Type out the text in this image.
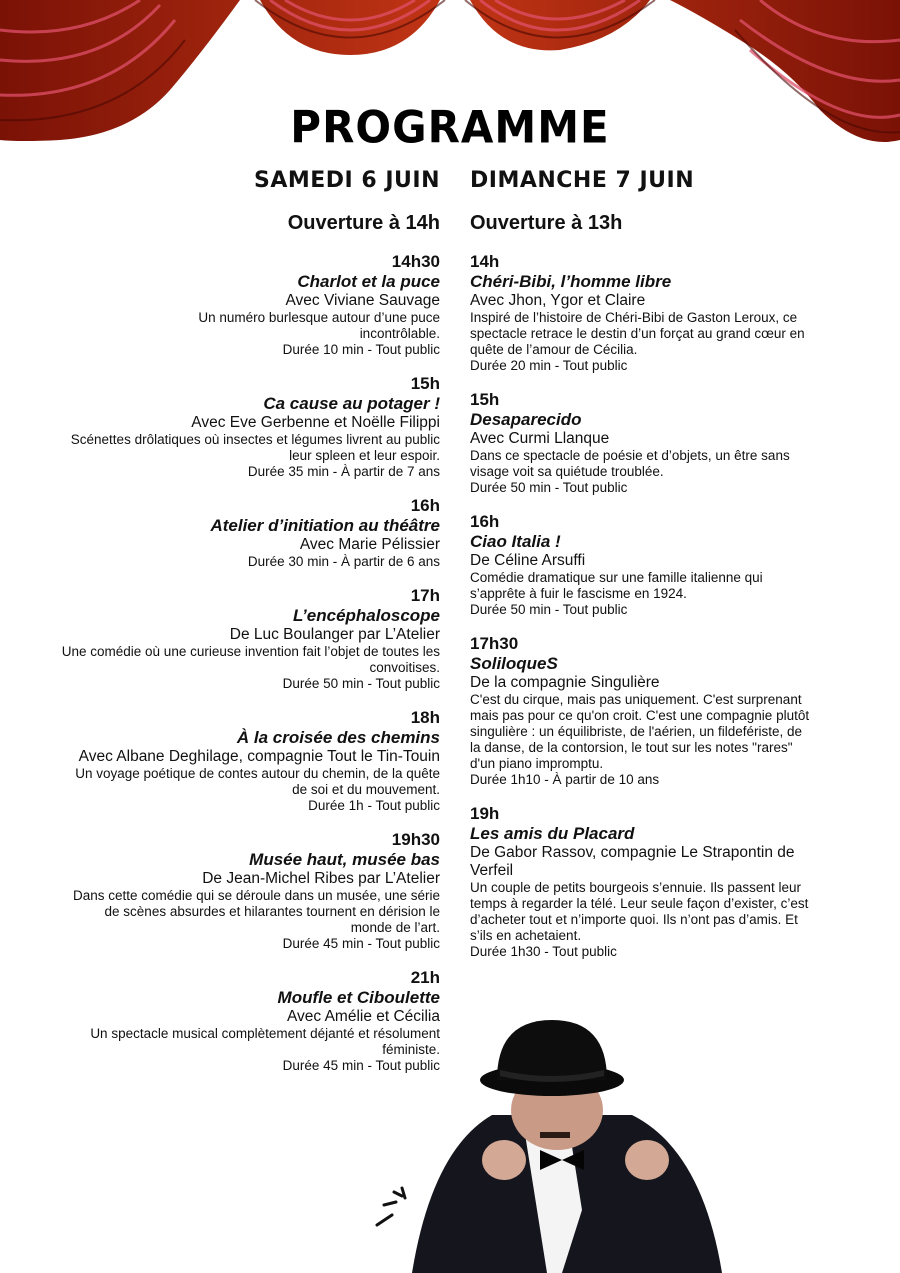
PROGRAMME
SAMEDI 6 JUIN
Ouverture à 14h
14h30
Charlot et la puce
Avec Viviane Sauvage
Un numéro burlesque autour d’une puce incontrôlable.
Durée 10 min - Tout public
15h
Ca cause au potager !
Avec Eve Gerbenne et Noëlle Filippi
Scénettes drôlatiques où insectes et légumes livrent au public leur spleen et leur espoir.
Durée 35 min - À partir de 7 ans
16h
Atelier d’initiation au théâtre
Avec Marie Pélissier
Durée 30 min - À partir de 6 ans
17h
L’encéphaloscope
De Luc Boulanger par L’Atelier
Une comédie où une curieuse invention fait l’objet de toutes les convoitises.
Durée 50 min - Tout public
18h
À la croisée des chemins
Avec Albane Deghilage, compagnie Tout le Tin-Touin
Un voyage poétique de contes autour du chemin, de la quête de soi et du mouvement.
Durée 1h - Tout public
19h30
Musée haut, musée bas
De Jean-Michel Ribes par L’Atelier
Dans cette comédie qui se déroule dans un musée, une série de scènes absurdes et hilarantes tournent en dérision le monde de l’art.
Durée 45 min - Tout public
21h
Moufle et Ciboulette
Avec Amélie et Cécilia
Un spectacle musical complètement déjanté et résolument féministe.
Durée 45 min - Tout public
DIMANCHE 7 JUIN
Ouverture à 13h
14h
Chéri-Bibi, l’homme libre
Avec Jhon, Ygor et Claire
Inspiré de l’histoire de Chéri-Bibi de Gaston Leroux, ce spectacle retrace le destin d’un forçat au grand cœur en quête de l’amour de Cécilia.
Durée 20 min - Tout public
15h
Desaparecido
Avec Curmi Llanque
Dans ce spectacle de poésie et d’objets, un être sans visage voit sa quiétude troublée.
Durée 50 min - Tout public
16h
Ciao Italia !
De Céline Arsuffi
Comédie dramatique sur une famille italienne qui s’apprête à fuir le fascisme en 1924.
Durée 50 min - Tout public
17h30
SoliloqueS
De la compagnie Singulière
C'est du cirque, mais pas uniquement. C'est surprenant mais pas pour ce qu'on croit. C'est une compagnie plutôt singulière : un équilibriste, de l'aérien, un fildeféristе, de la danse, de la contorsion, le tout sur les notes "rares" d'un piano impromptu.
Durée 1h10 - À partir de 10 ans
19h
Les amis du Placard
De Gabor Rassov, compagnie Le Strapontin de Verfeil
Un couple de petits bourgeois s’ennuie. Ils passent leur temps à regarder la télé. Leur seule façon d’exister, c’est d’acheter tout et n’importe quoi. Ils n’ont pas d’amis. Et s’ils en achetaient.
Durée 1h30 - Tout public
